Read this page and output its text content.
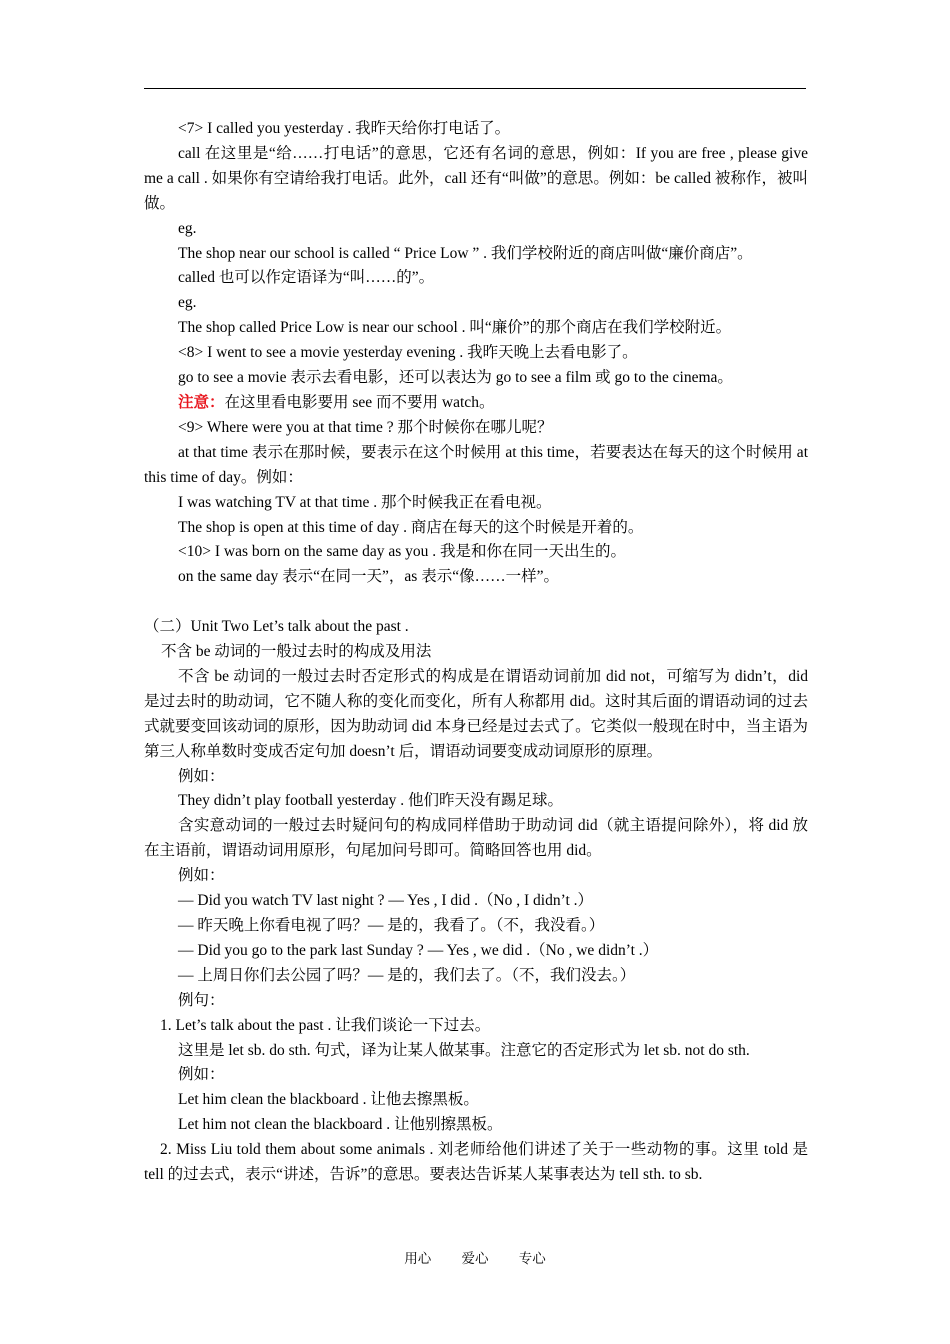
<7> I called you yesterday . 我昨天给你打电话了。

call 在这里是“给……打电话”的意思，它还有名词的意思，例如：If you are free , please give me a call . 如果你有空请给我打电话。此外，call 还有“叫做”的意思。例如：be called 被称作，被叫做。

eg.

The shop near our school is called “ Price Low ” . 我们学校附近的商店叫做“廉价商店”。

called 也可以作定语译为“叫……的”。

eg.

The shop called Price Low is near our school . 叫“廉价”的那个商店在我们学校附近。

<8> I went to see a movie yesterday evening . 我昨天晚上去看电影了。

go to see a movie 表示去看电影，还可以表达为 go to see a film 或 go to the cinema。

注意：在这里看电影要用 see 而不要用 watch。

<9> Where were you at that time ? 那个时候你在哪儿呢？

at that time 表示在那时候，要表示在这个时候用 at this time，若要表达在每天的这个时候用 at this time of day。例如：

I was watching TV at that time . 那个时候我正在看电视。

The shop is open at this time of day . 商店在每天的这个时候是开着的。

<10> I was born on the same day as you . 我是和你在同一天出生的。

on the same day 表示“在同一天”，as 表示“像……一样”。

（二）Unit Two Let’s talk about the past .

不含 be 动词的一般过去时的构成及用法

不含 be 动词的一般过去时否定形式的构成是在谓语动词前加 did not，可缩写为 didn’t，did 是过去时的助动词，它不随人称的变化而变化，所有人称都用 did。这时其后面的谓语动词的过去式就要变回该动词的原形，因为助动词 did 本身已经是过去式了。它类似一般现在时中，当主语为第三人称单数时变成否定句加 doesn’t 后，谓语动词要变成动词原形的原理。

例如：

They didn’t play football yesterday . 他们昨天没有踢足球。

含实意动词的一般过去时疑问句的构成同样借助于助动词 did（就主语提问除外），将 did 放在主语前，谓语动词用原形，句尾加问号即可。简略回答也用 did。

例如：

— Did you watch TV last night ? — Yes , I did .（No , I didn’t .）

— 昨天晚上你看电视了吗？— 是的，我看了。（不，我没看。）

— Did you go to the park last Sunday ? — Yes , we did .（No , we didn’t .）

— 上周日你们去公园了吗？— 是的，我们去了。（不，我们没去。）

例句：

1. Let’s talk about the past . 让我们谈论一下过去。

这里是 let sb. do sth. 句式，译为让某人做某事。注意它的否定形式为 let sb. not do sth.

例如：

Let him clean the blackboard . 让他去擦黑板。

Let him not clean the blackboard . 让他别擦黑板。

2. Miss Liu told them about some animals . 刘老师给他们讲述了关于一些动物的事。这里 told 是 tell 的过去式，表示“讲述，告诉”的意思。要表达告诉某人某事表达为 tell sth. to sb.

用心 爱心 专心
